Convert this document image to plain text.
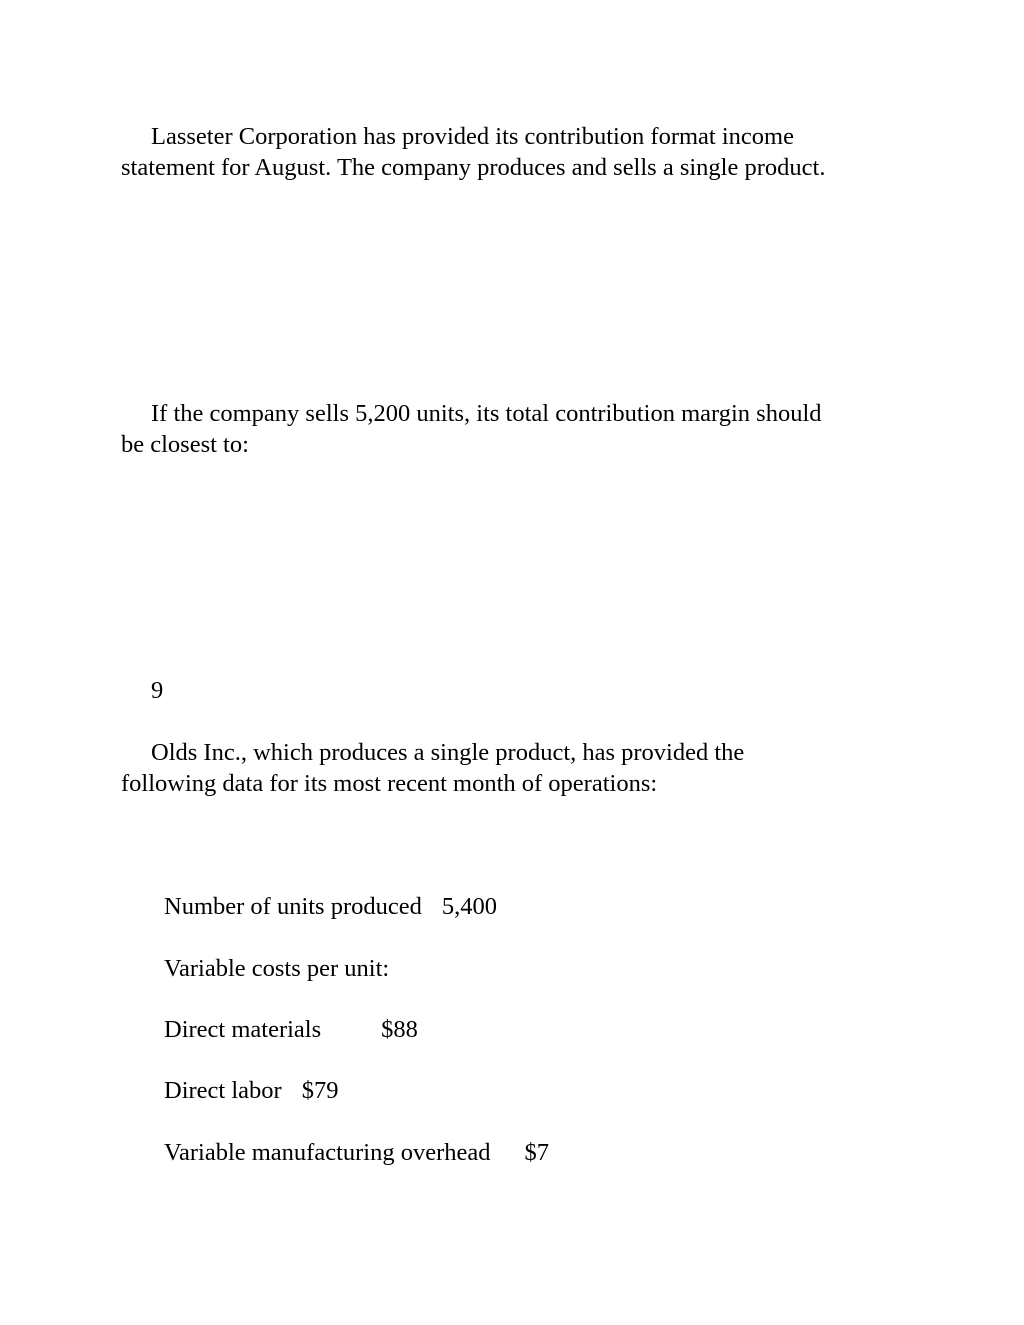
Lasseter Corporation has provided its contribution format income
statement for August. The company produces and sells a single product.
If the company sells 5,200 units, its total contribution margin should
be closest to:
9
Olds Inc., which produces a single product, has provided the
following data for its most recent month of operations:
Number of units produced 5,400
Variable costs per unit:
Direct materials $88
Direct labor $79
Variable manufacturing overhead $7
